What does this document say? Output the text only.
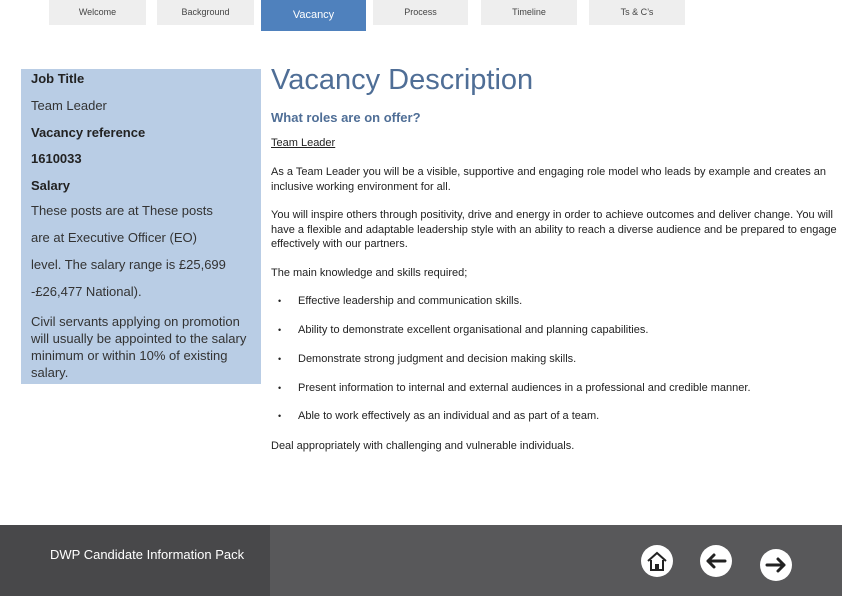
Welcome	Background	Vacancy	Process	Timeline	Ts & C’s
Job Title
Team Leader
Vacancy reference
1610033
Salary
These posts are at These posts
are at Executive Officer (EO)
level. The salary range is £25,699
-£26,477 National).
Civil servants applying on promotion will usually be appointed to the salary minimum or within 10% of existing salary.
Vacancy Description
What roles are on offer?
Team Leader
As a Team Leader you will be a visible, supportive and engaging role model who leads by example and creates an inclusive working environment for all.
You will inspire others through positivity, drive and energy in order to achieve outcomes and deliver change. You will have a flexible and adaptable leadership style with an ability to reach a diverse audience and be prepared to engage effectively with our partners.
The main knowledge and skills required;
• Effective leadership and communication skills.
• Ability to demonstrate excellent organisational and planning capabilities.
• Demonstrate strong judgment and decision making skills.
• Present information to internal and external audiences in a professional and credible manner.
• Able to work effectively as an individual and as part of a team.
Deal appropriately with challenging and vulnerable individuals.
DWP Candidate Information Pack
